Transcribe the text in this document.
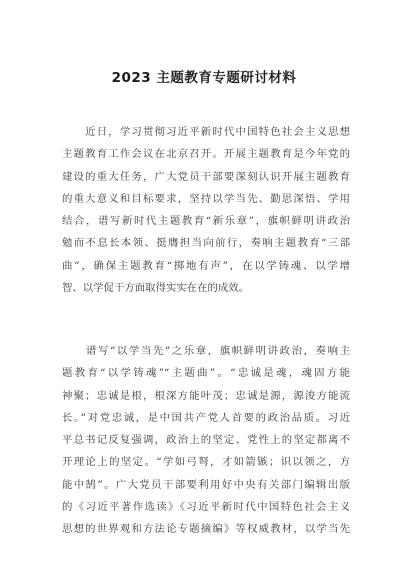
2023 主题教育专题研讨材料
　　近日，学习贯彻习近平新时代中国特色社会主义思想
主题教育工作会议在北京召开。开展主题教育是今年党的
建设的重大任务，广大党员干部要深刻认识开展主题教育
的重大意义和目标要求，坚持以学当先、勤思深悟、学用
结合，谱写新时代主题教育“新乐章”，旗帜鲜明讲政治
勉而不息长本领、挺膺担当向前行，奏响主题教育“三部
曲”，确保主题教育“掷地有声”，在以学铸魂、以学增
智、以学促干方面取得实实在在的成效。
　　谱写“以学当先”之乐章，旗帜鲜明讲政治，奏响主
题教育“以学铸魂”“主题曲”。“忠诚是魂，魂固方能
神聚；忠诚是根，根深方能叶茂；忠诚是源，源浚方能流
长。”对党忠诚，是中国共产党人首要的政治品质。习近
平总书记反复强调，政治上的坚定、党性上的坚定都离不
开理论上的坚定。“学如弓弩，才如箭镞；识以领之，方
能中鹄”。广大党员干部要利用好中央有关部门编辑出版
的《习近平著作选读》《习近平新时代中国特色社会主义
思想的世界观和方法论专题摘编》等权威教材，以学当先
